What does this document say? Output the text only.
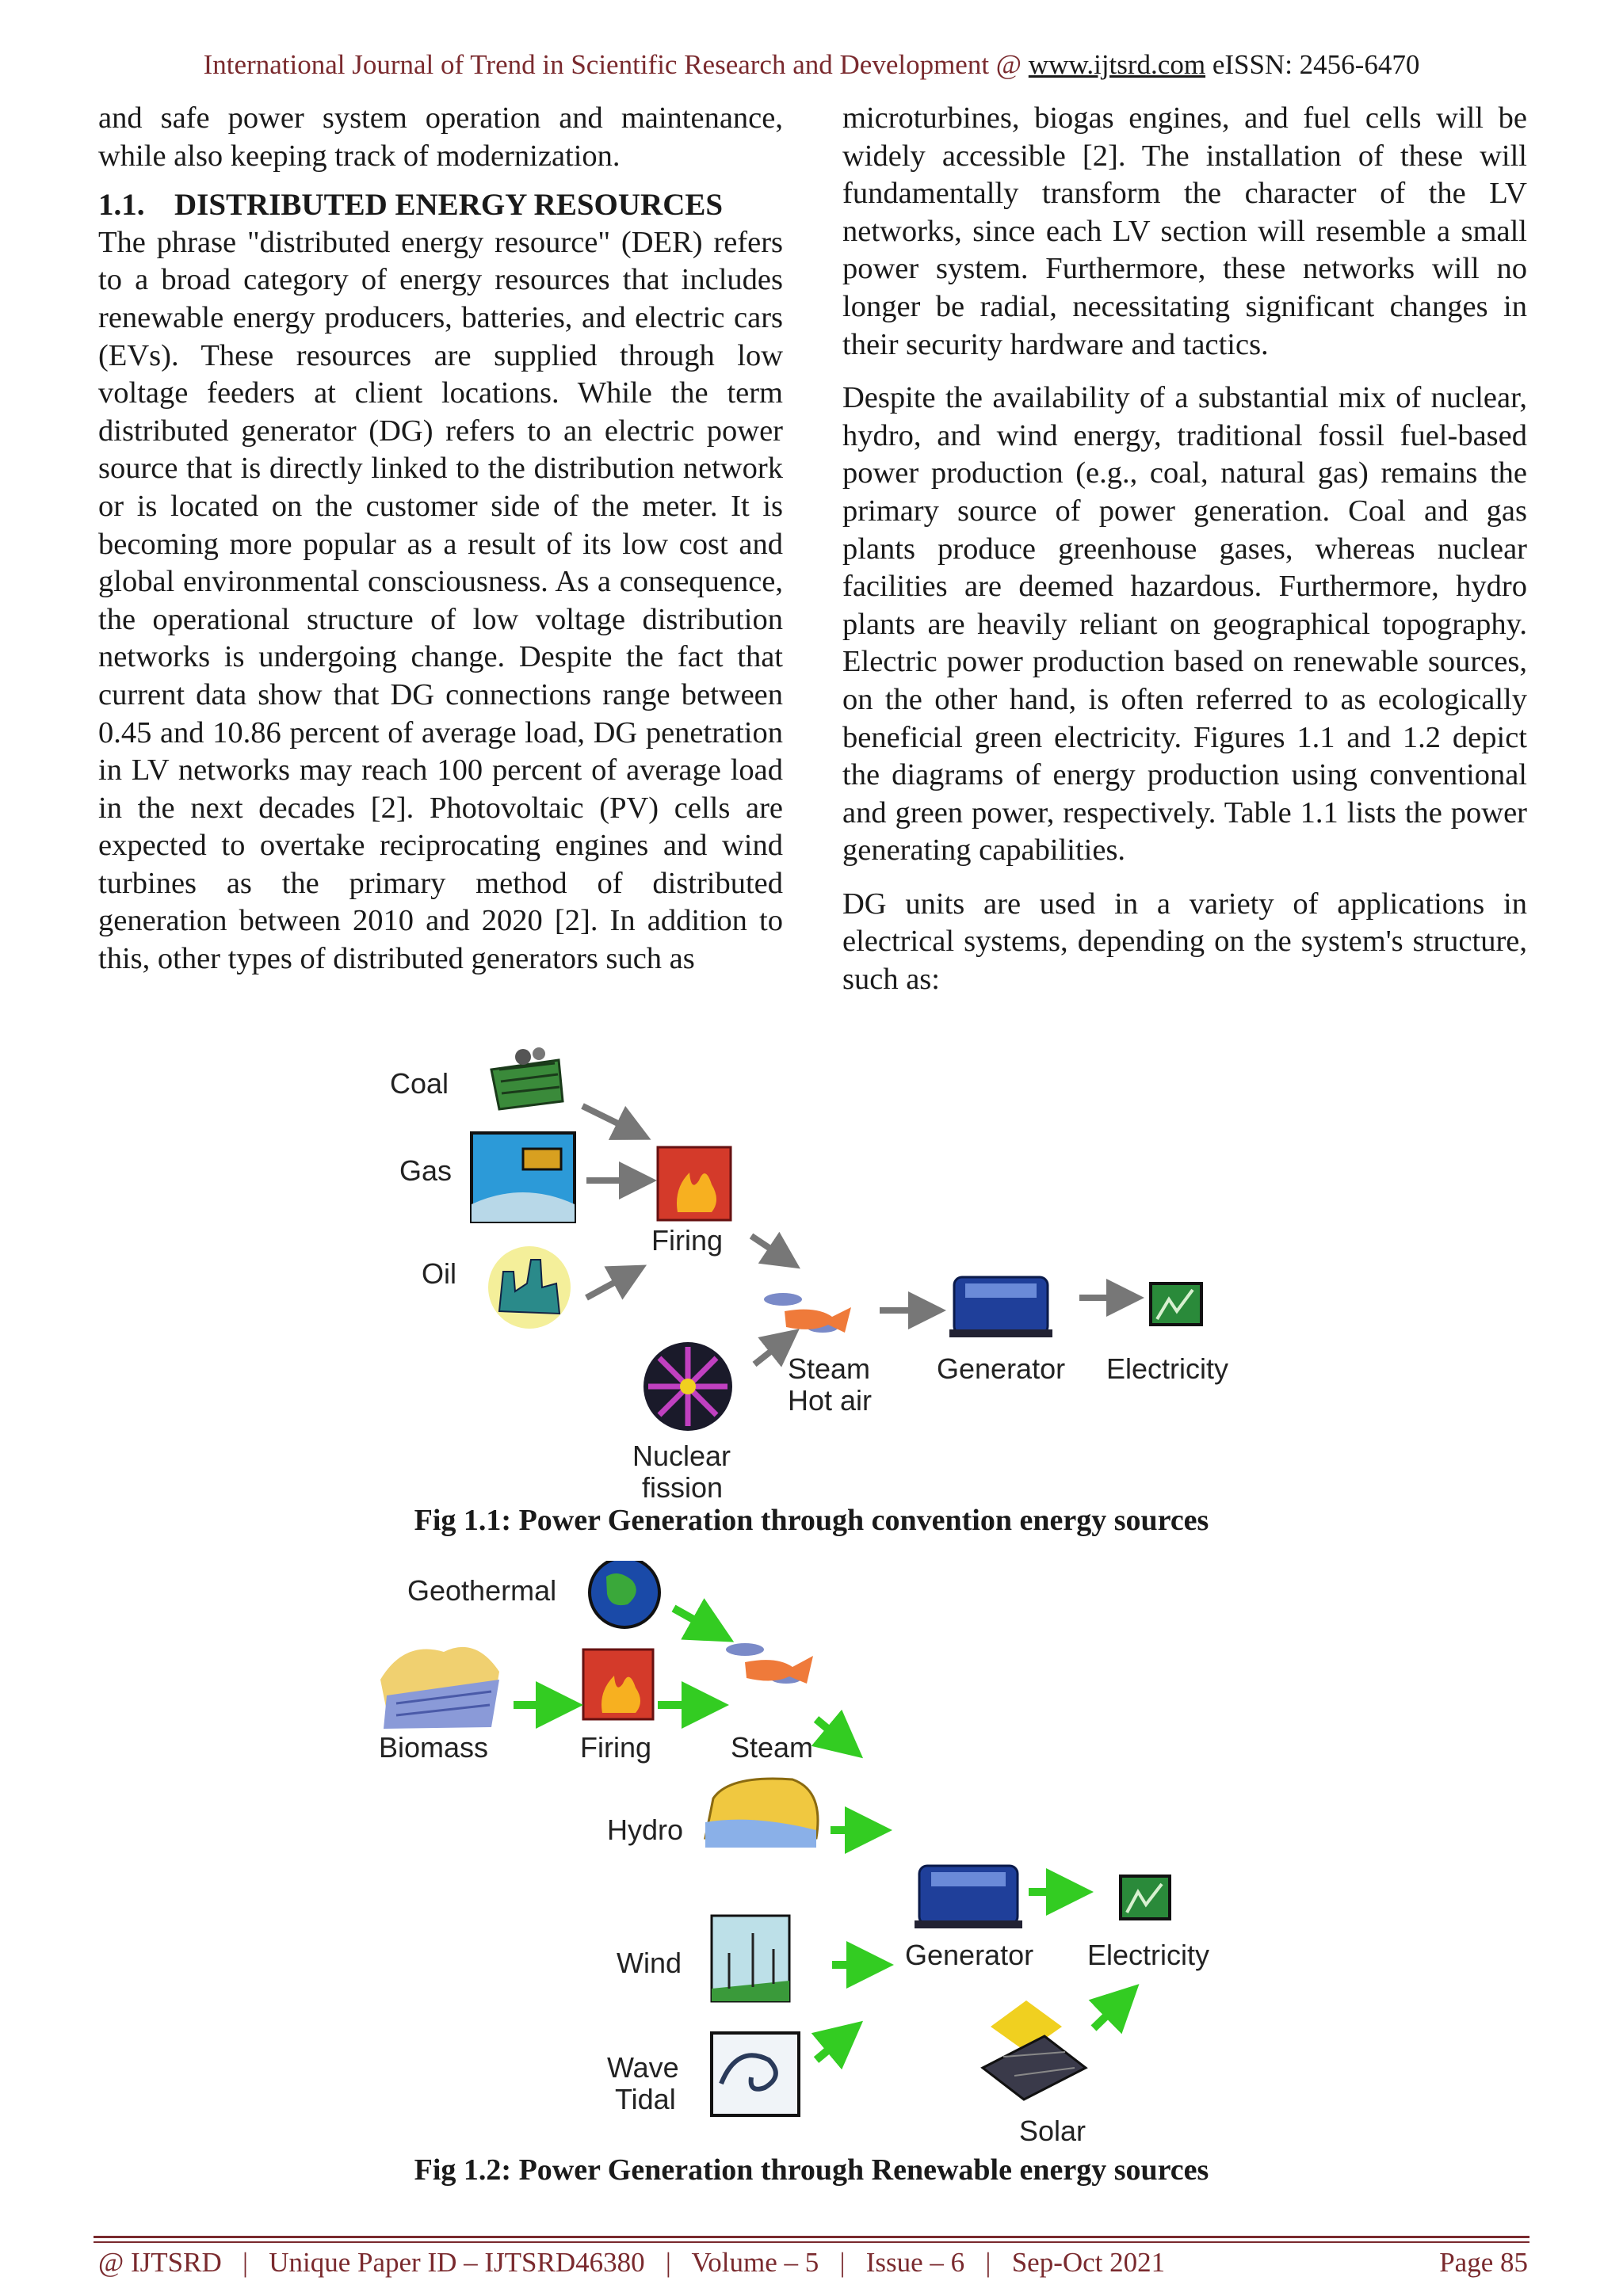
International Journal of Trend in Scientific Research and Development @ www.ijtsrd.com eISSN: 2456-6470

and safe power system operation and maintenance, while also keeping track of modernization.

1.1. DISTRIBUTED ENERGY RESOURCES

The phrase "distributed energy resource" (DER) refers to a broad category of energy resources that includes renewable energy producers, batteries, and electric cars (EVs). These resources are supplied through low voltage feeders at client locations. While the term distributed generator (DG) refers to an electric power source that is directly linked to the distribution network or is located on the customer side of the meter. It is becoming more popular as a result of its low cost and global environmental consciousness. As a consequence, the operational structure of low voltage distribution networks is undergoing change. Despite the fact that current data show that DG connections range between 0.45 and 10.86 percent of average load, DG penetration in LV networks may reach 100 percent of average load in the next decades [2]. Photovoltaic (PV) cells are expected to overtake reciprocating engines and wind turbines as the primary method of distributed generation between 2010 and 2020 [2]. In addition to this, other types of distributed generators such as

microturbines, biogas engines, and fuel cells will be widely accessible [2]. The installation of these will fundamentally transform the character of the LV networks, since each LV section will resemble a small power system. Furthermore, these networks will no longer be radial, necessitating significant changes in their security hardware and tactics.

Despite the availability of a substantial mix of nuclear, hydro, and wind energy, traditional fossil fuel-based power production (e.g., coal, natural gas) remains the primary source of power generation. Coal and gas plants produce greenhouse gases, whereas nuclear facilities are deemed hazardous. Furthermore, hydro plants are heavily reliant on geographical topography. Electric power production based on renewable sources, on the other hand, is often referred to as ecologically beneficial green electricity. Figures 1.1 and 1.2 depict the diagrams of energy production using conventional and green power, respectively. Table 1.1 lists the power generating capabilities.

DG units are used in a variety of applications in electrical systems, depending on the system's structure, such as:

Coal
Gas
Oil
Firing
Steam
Hot air
Generator Electricity
Nuclear
fission
Fig 1.1: Power Generation through convention energy sources
Geothermal
Biomass	Firing	Steam
Hydro
Wind
Wave
Tidal
Generator Electricity
Solar
Fig 1.2: Power Generation through Renewable energy sources
@ IJTSRD   |   Unique Paper ID – IJTSRD46380   |   Volume – 5   |   Issue – 6   |   Sep-Oct 2021	Page 85
